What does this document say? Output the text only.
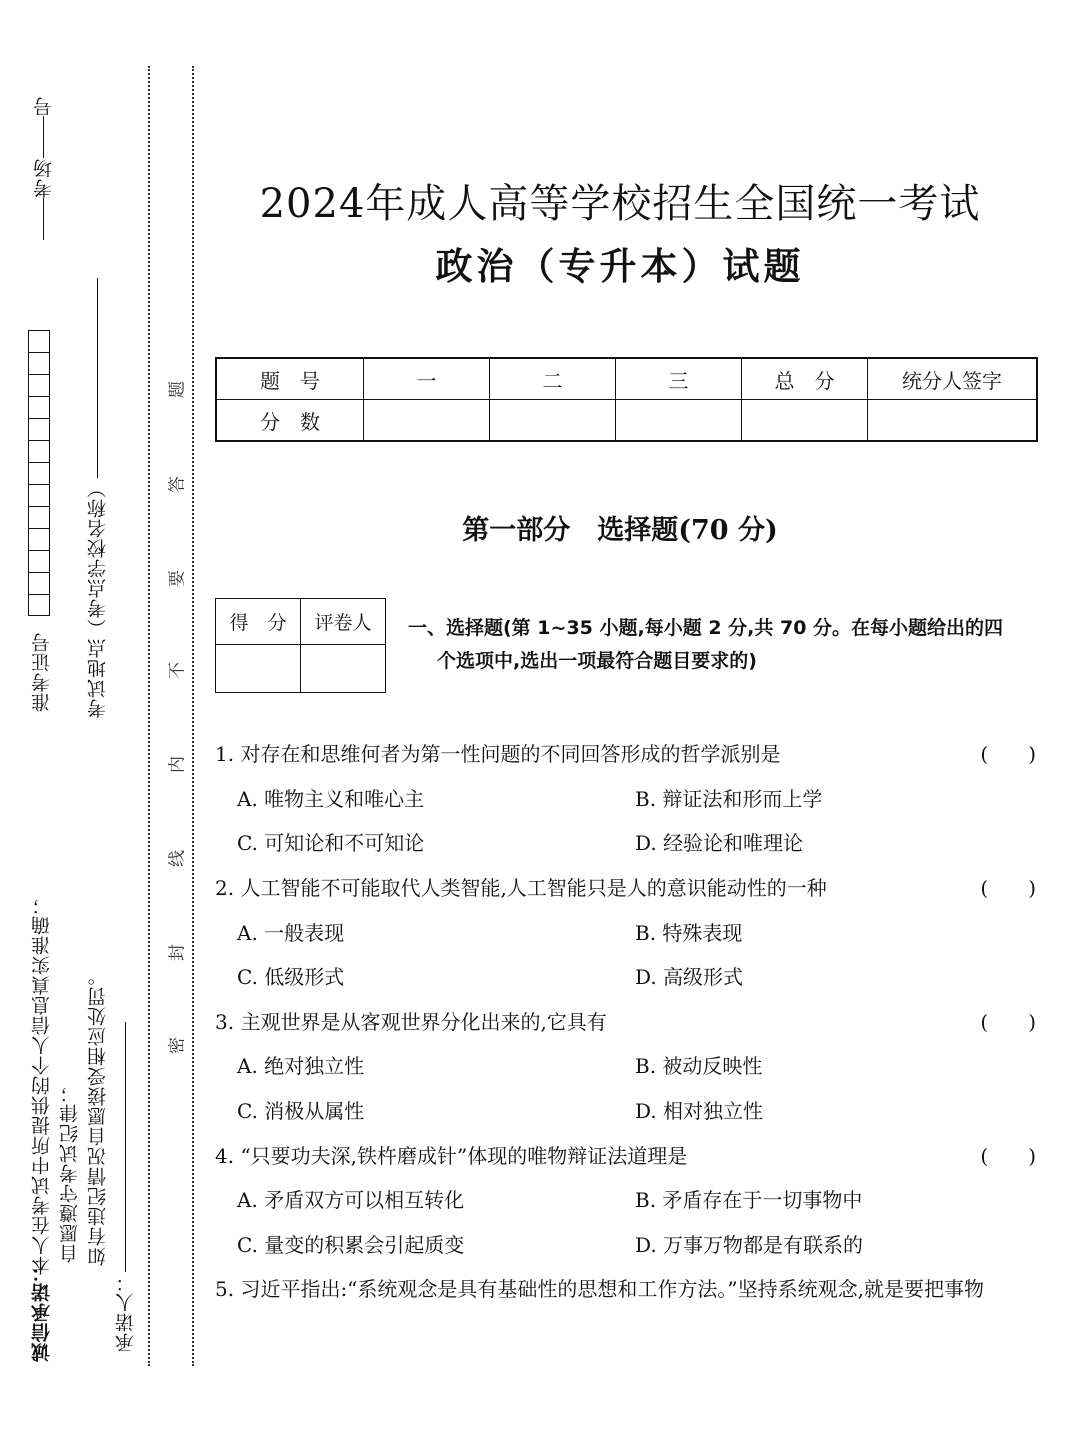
考场号
准考证号 考试地点（考点学校名称）
诚信承诺：
本人在考试中所提供的个人信息真实准确； 自愿遵守考试纪律； 如有违纪情况自愿接受相应处罚。
承诺人：
题
答
要
不
内
线
封
密
2024年成人高等学校招生全国统一考试
政治（专升本）试题
题　号	一	二	三	总　分	统分人签字
分　数					
第一部分　选择题(70 分)
得　分	评卷人
	一、选择题(第 1~35 小题,每小题 2 分,共 70 分。在每小题给出的四
个选项中,选出一项最符合题目要求的)
1. 对存在和思维何者为第一性问题的不同回答形成的哲学派别是	(　　)
A. 唯物主义和唯心主	B. 辩证法和形而上学
C. 可知论和不可知论	D. 经验论和唯理论
2. 人工智能不可能取代人类智能,人工智能只是人的意识能动性的一种	(　　)
A. 一般表现	B. 特殊表现
C. 低级形式	D. 高级形式
3. 主观世界是从客观世界分化出来的,它具有	(　　)
A. 绝对独立性	B. 被动反映性
C. 消极从属性	D. 相对独立性
4. “只要功夫深,铁杵磨成针”体现的唯物辩证法道理是	(　　)
A. 矛盾双方可以相互转化	B. 矛盾存在于一切事物中
C. 量变的积累会引起质变	D. 万事万物都是有联系的
5. 习近平指出:“系统观念是具有基础性的思想和工作方法。”坚持系统观念,就是要把事物
